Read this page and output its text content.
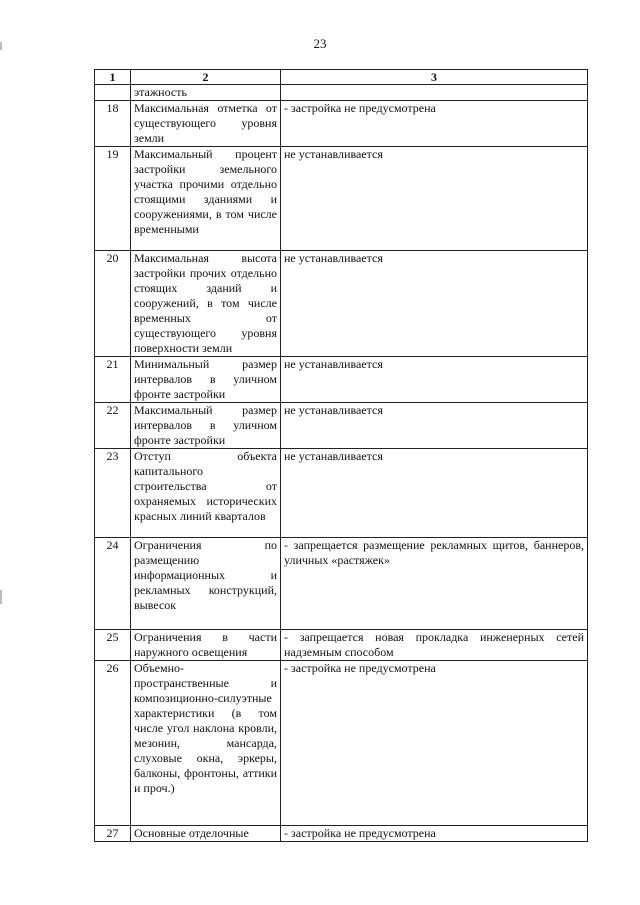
23
1	2	3
	этажность	
18	Максимальная отметка от существующего уровня земли	- застройка не предусмотрена
19	Максимальный процент застройки земельного участка прочими отдельно стоящими зданиями и сооружениями, в том числе временными	не устанавливается
20	Максимальная высота застройки прочих отдельно стоящих зданий и сооружений, в том числе временных от существующего уровня поверхности земли	не устанавливается
21	Минимальный размер интервалов в уличном фронте застройки	не устанавливается
22	Максимальный размер интервалов в уличном фронте застройки	не устанавливается
23	Отступ объекта капитального строительства от охраняемых исторических красных линий кварталов	не устанавливается
24	Ограничения по размещению информационных и рекламных конструкций, вывесок	- запрещается размещение рекламных щитов, баннеров, уличных «растяжек»
25	Ограничения в части наружного освещения	- запрещается новая прокладка инженерных сетей надземным способом
26	Объемно-пространственные и композиционно-силуэтные характеристики (в том числе угол наклона кровли, мезонин, мансарда, слуховые окна, эркеры, балконы, фронтоны, аттики и проч.)	- застройка не предусмотрена
27	Основные отделочные	- застройка не предусмотрена
